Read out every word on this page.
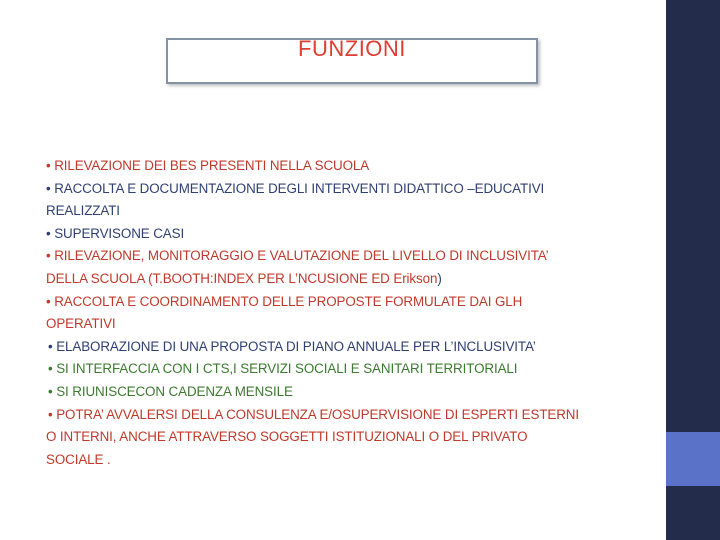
FUNZIONI

• RILEVAZIONE DEI BES PRESENTI NELLA SCUOLA

• RACCOLTA E DOCUMENTAZIONE DEGLI INTERVENTI DIDATTICO –EDUCATIVI

REALIZZATI

• SUPERVISONE CASI

• RILEVAZIONE, MONITORAGGIO E VALUTAZIONE DEL LIVELLO DI INCLUSIVITA’

DELLA SCUOLA (T.BOOTH:INDEX PER L’NCUSIONE ED Erikson)

• RACCOLTA E COORDINAMENTO DELLE PROPOSTE FORMULATE DAI GLH

OPERATIVI

• ELABORAZIONE DI UNA PROPOSTA DI PIANO ANNUALE PER L’INCLUSIVITA’

• SI INTERFACCIA CON I CTS,I SERVIZI SOCIALI E SANITARI TERRITORIALI

• SI RIUNISCECON CADENZA MENSILE

• POTRA’ AVVALERSI DELLA CONSULENZA E/OSUPERVISIONE DI ESPERTI ESTERNI

O INTERNI, ANCHE ATTRAVERSO SOGGETTI ISTITUZIONALI O DEL PRIVATO

SOCIALE .
